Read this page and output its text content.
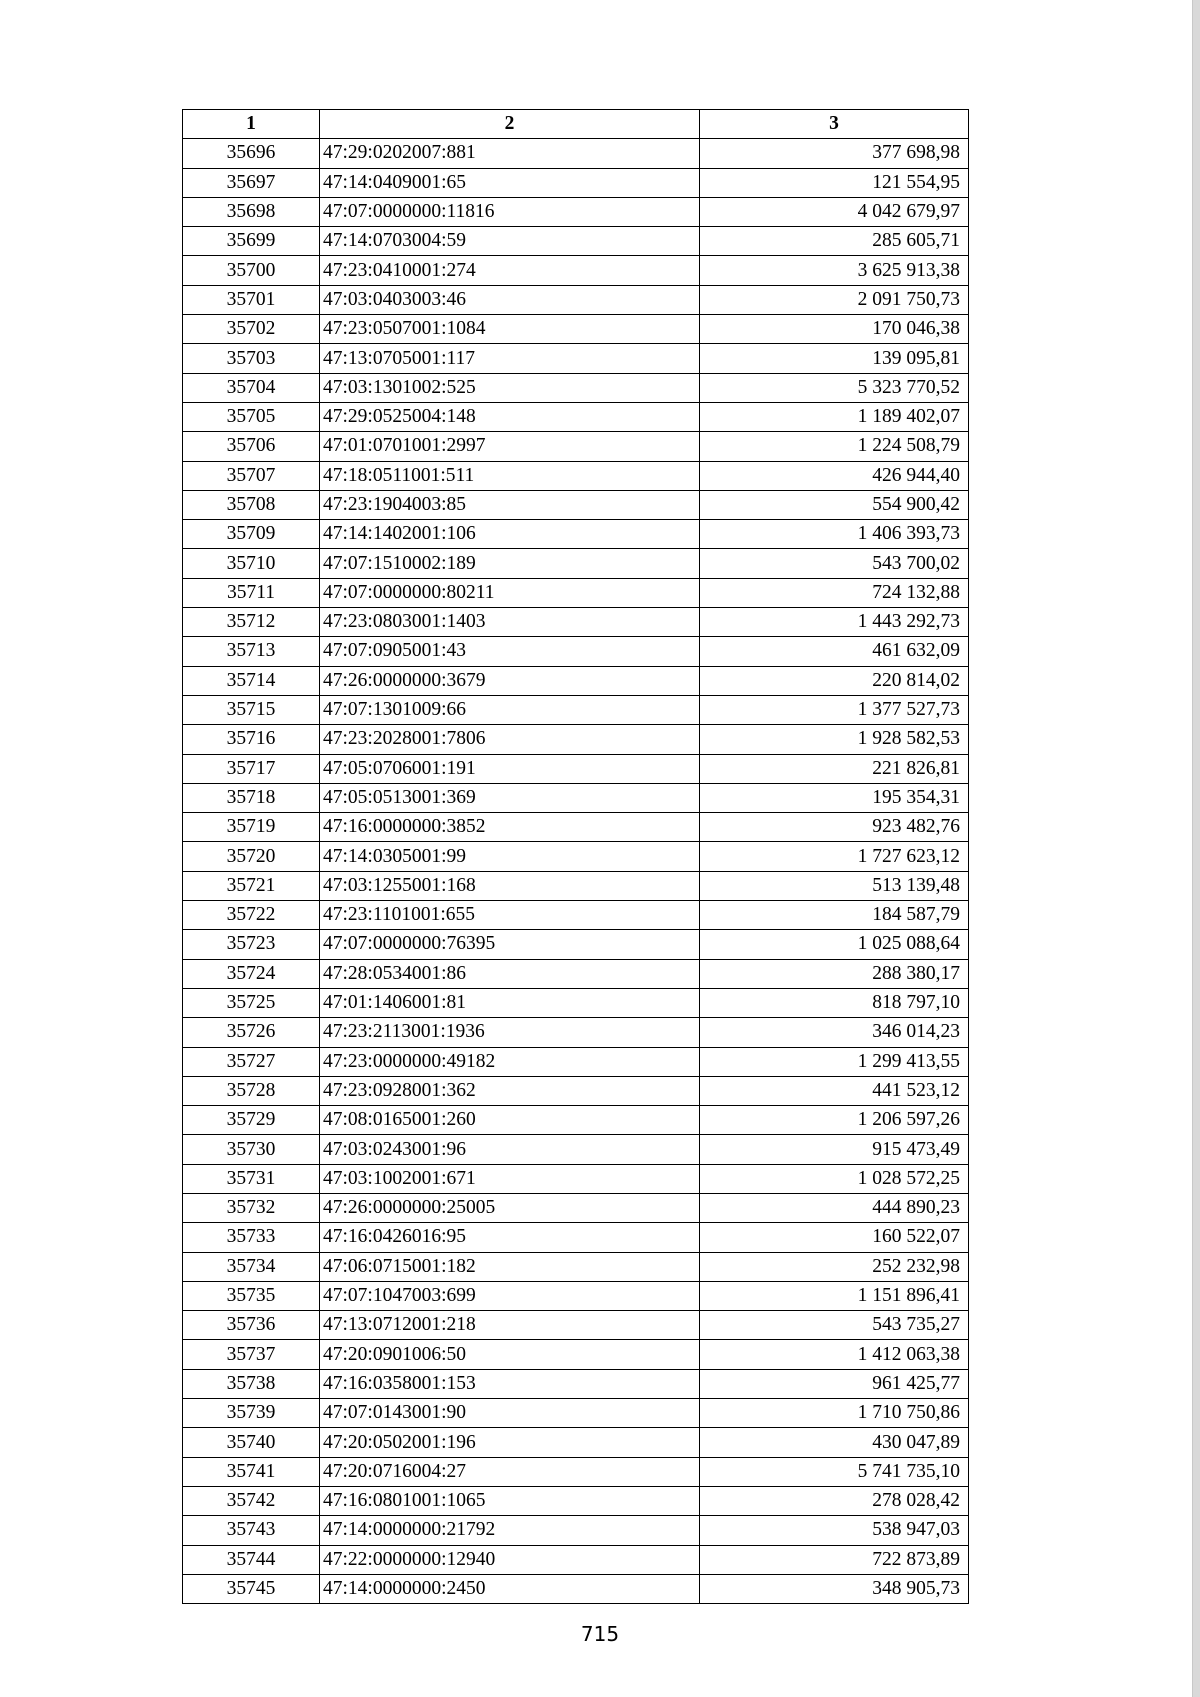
1	2	3
35696	47:29:0202007:881	377 698,98
35697	47:14:0409001:65	121 554,95
35698	47:07:0000000:11816	4 042 679,97
35699	47:14:0703004:59	285 605,71
35700	47:23:0410001:274	3 625 913,38
35701	47:03:0403003:46	2 091 750,73
35702	47:23:0507001:1084	170 046,38
35703	47:13:0705001:117	139 095,81
35704	47:03:1301002:525	5 323 770,52
35705	47:29:0525004:148	1 189 402,07
35706	47:01:0701001:2997	1 224 508,79
35707	47:18:0511001:511	426 944,40
35708	47:23:1904003:85	554 900,42
35709	47:14:1402001:106	1 406 393,73
35710	47:07:1510002:189	543 700,02
35711	47:07:0000000:80211	724 132,88
35712	47:23:0803001:1403	1 443 292,73
35713	47:07:0905001:43	461 632,09
35714	47:26:0000000:3679	220 814,02
35715	47:07:1301009:66	1 377 527,73
35716	47:23:2028001:7806	1 928 582,53
35717	47:05:0706001:191	221 826,81
35718	47:05:0513001:369	195 354,31
35719	47:16:0000000:3852	923 482,76
35720	47:14:0305001:99	1 727 623,12
35721	47:03:1255001:168	513 139,48
35722	47:23:1101001:655	184 587,79
35723	47:07:0000000:76395	1 025 088,64
35724	47:28:0534001:86	288 380,17
35725	47:01:1406001:81	818 797,10
35726	47:23:2113001:1936	346 014,23
35727	47:23:0000000:49182	1 299 413,55
35728	47:23:0928001:362	441 523,12
35729	47:08:0165001:260	1 206 597,26
35730	47:03:0243001:96	915 473,49
35731	47:03:1002001:671	1 028 572,25
35732	47:26:0000000:25005	444 890,23
35733	47:16:0426016:95	160 522,07
35734	47:06:0715001:182	252 232,98
35735	47:07:1047003:699	1 151 896,41
35736	47:13:0712001:218	543 735,27
35737	47:20:0901006:50	1 412 063,38
35738	47:16:0358001:153	961 425,77
35739	47:07:0143001:90	1 710 750,86
35740	47:20:0502001:196	430 047,89
35741	47:20:0716004:27	5 741 735,10
35742	47:16:0801001:1065	278 028,42
35743	47:14:0000000:21792	538 947,03
35744	47:22:0000000:12940	722 873,89
35745	47:14:0000000:2450	348 905,73
715
